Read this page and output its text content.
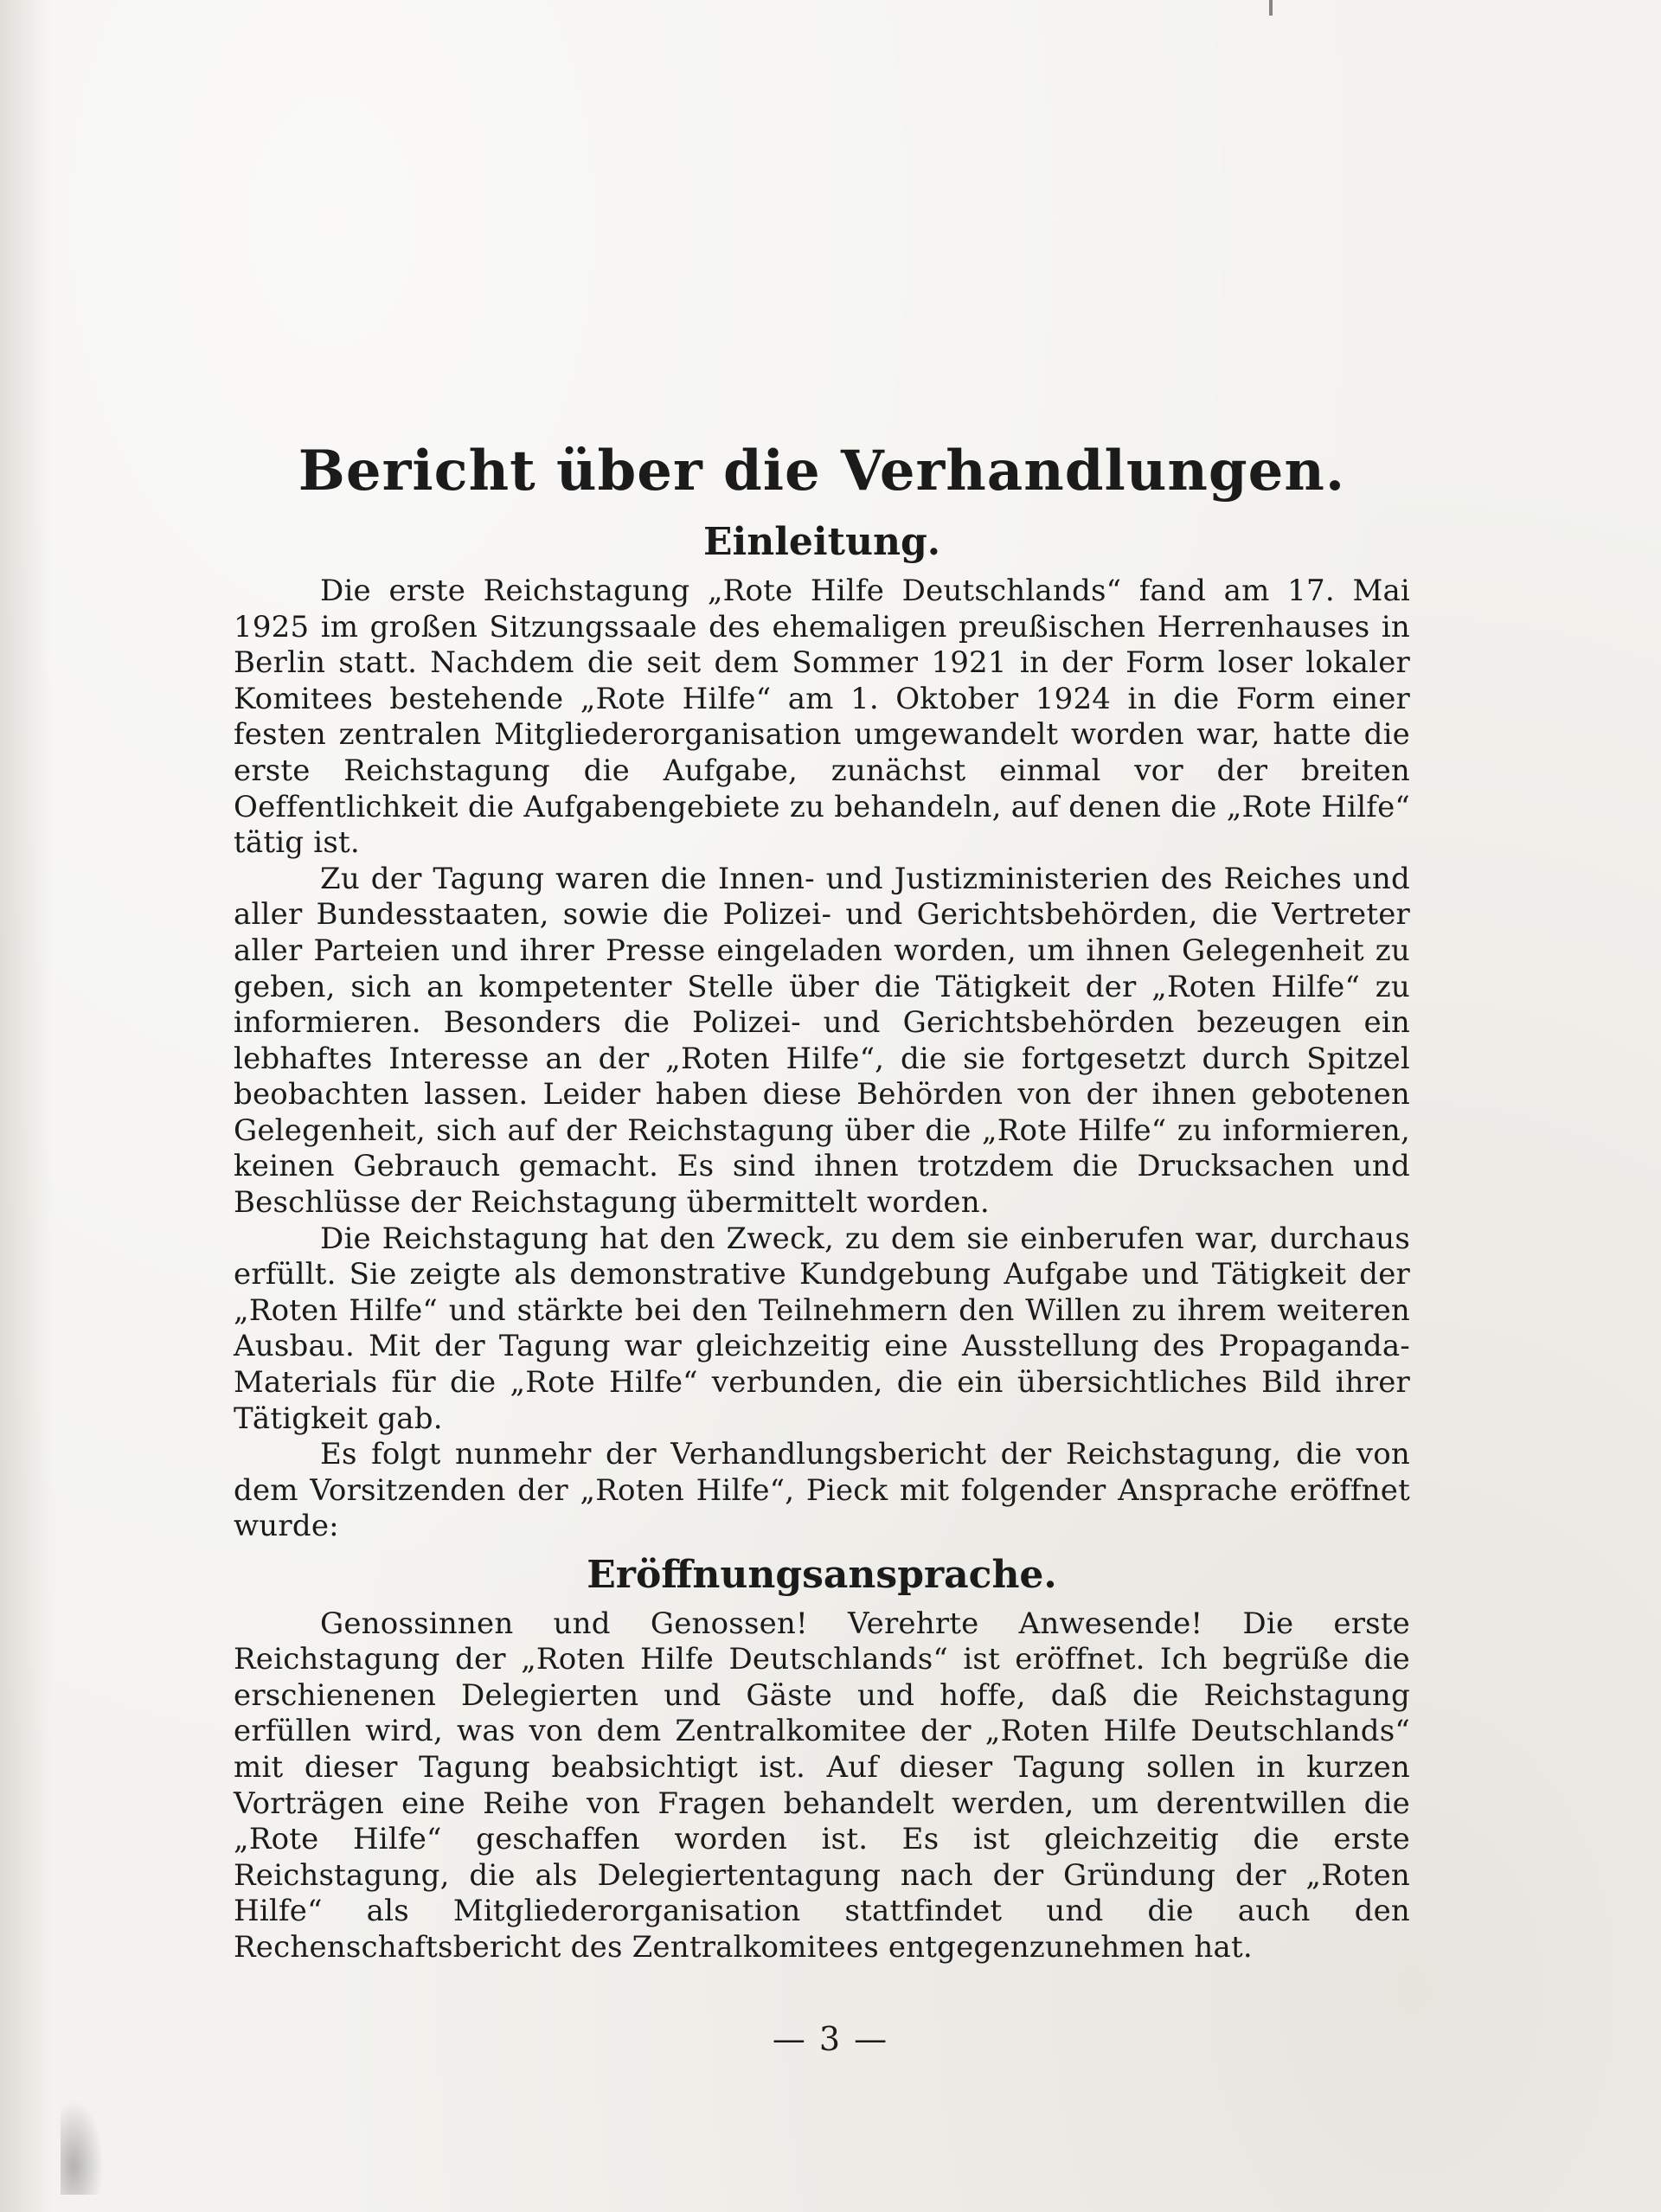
Bericht über die Verhandlungen.
Einleitung.

Die erste Reichstagung „Rote Hilfe Deutschlands“ fand am 17. Mai 1925 im großen Sitzungssaale des ehemaligen preußischen Herrenhauses in Berlin statt. Nachdem die seit dem Sommer 1921 in der Form loser lokaler Komitees bestehende „Rote Hilfe“ am 1. Oktober 1924 in die Form einer festen zentralen Mitgliederorganisation umgewandelt worden war, hatte die erste Reichstagung die Aufgabe, zunächst einmal vor der breiten Oeffentlichkeit die Aufgabengebiete zu behandeln, auf denen die „Rote Hilfe“ tätig ist.

Zu der Tagung waren die Innen- und Justizministerien des Reiches und aller Bundesstaaten, sowie die Polizei- und Gerichtsbehörden, die Vertreter aller Parteien und ihrer Presse eingeladen worden, um ihnen Gelegenheit zu geben, sich an kompetenter Stelle über die Tätigkeit der „Roten Hilfe“ zu informieren. Besonders die Polizei- und Gerichtsbehörden bezeugen ein lebhaftes Interesse an der „Roten Hilfe“, die sie fortgesetzt durch Spitzel beobachten lassen. Leider haben diese Behörden von der ihnen gebotenen Gelegenheit, sich auf der Reichstagung über die „Rote Hilfe“ zu informieren, keinen Gebrauch gemacht. Es sind ihnen trotzdem die Drucksachen und Beschlüsse der Reichstagung übermittelt worden.

Die Reichstagung hat den Zweck, zu dem sie einberufen war, durchaus erfüllt. Sie zeigte als demonstrative Kundgebung Aufgabe und Tätigkeit der „Roten Hilfe“ und stärkte bei den Teilnehmern den Willen zu ihrem weiteren Ausbau. Mit der Tagung war gleichzeitig eine Ausstellung des Propaganda-Materials für die „Rote Hilfe“ verbunden, die ein übersichtliches Bild ihrer Tätigkeit gab.

Es folgt nunmehr der Verhandlungsbericht der Reichstagung, die von dem Vorsitzenden der „Roten Hilfe“, Pieck mit folgender Ansprache eröffnet wurde:

Eröffnungsansprache.

Genossinnen und Genossen! Verehrte Anwesende! Die erste Reichstagung der „Roten Hilfe Deutschlands“ ist eröffnet. Ich begrüße die erschienenen Delegierten und Gäste und hoffe, daß die Reichstagung erfüllen wird, was von dem Zentralkomitee der „Roten Hilfe Deutschlands“ mit dieser Tagung beabsichtigt ist. Auf dieser Tagung sollen in kurzen Vorträgen eine Reihe von Fragen behandelt werden, um derentwillen die „Rote Hilfe“ geschaffen worden ist. Es ist gleichzeitig die erste Reichstagung, die als Delegiertentagung nach der Gründung der „Roten Hilfe“ als Mitgliederorganisation stattfindet und die auch den Rechenschaftsbericht des Zentralkomitees entgegenzunehmen hat.

— 3 —
